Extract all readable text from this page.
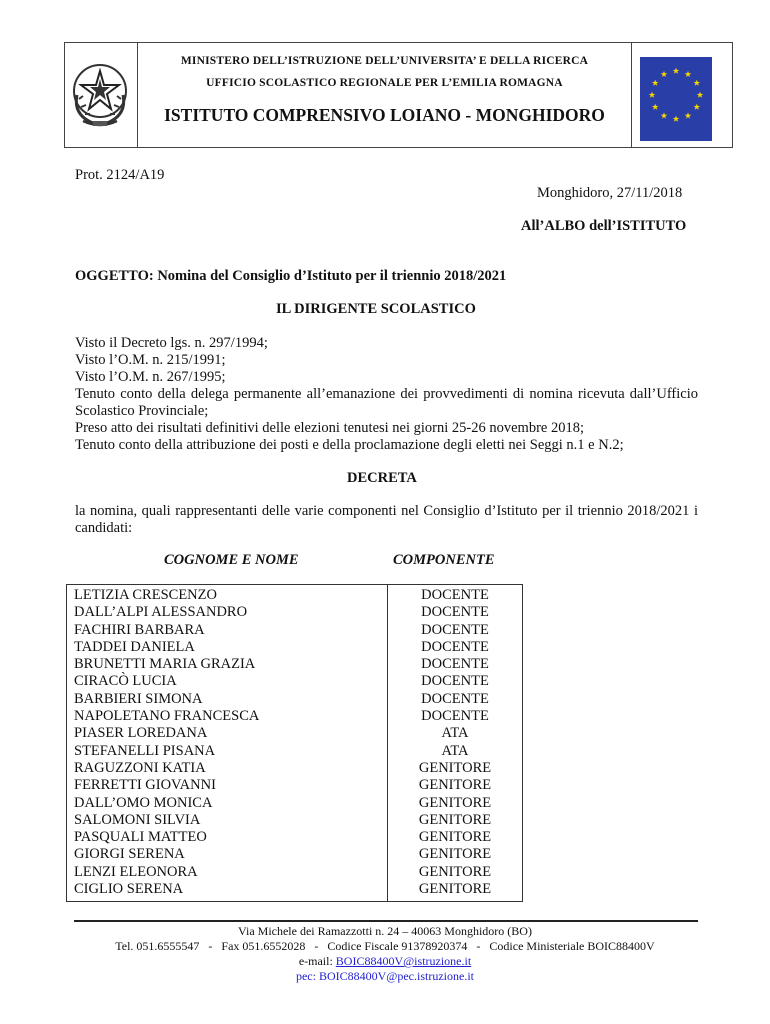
MINISTERO DELL’ISTRUZIONE DELL’UNIVERSITA’ E DELLA RICERCA
UFFICIO SCOLASTICO REGIONALE PER L’EMILIA ROMAGNA
ISTITUTO COMPRENSIVO LOIANO - MONGHIDORO
Prot. 2124/A19
Monghidoro, 27/11/2018
All’ALBO dell’ISTITUTO
OGGETTO: Nomina del Consiglio d’Istituto per il triennio 2018/2021
IL DIRIGENTE SCOLASTICO
Visto il Decreto lgs. n. 297/1994;
Visto l’O.M. n. 215/1991;
Visto l’O.M. n. 267/1995;
Tenuto conto della delega permanente all’emanazione dei provvedimenti di nomina ricevuta dall’Ufficio Scolastico Provinciale;
Preso atto dei risultati definitivi delle elezioni tenutesi nei giorni 25-26 novembre 2018;
Tenuto conto della attribuzione dei posti e della proclamazione degli eletti nei Seggi n.1 e N.2;
DECRETA
la nomina, quali rappresentanti delle varie componenti nel Consiglio d’Istituto per il triennio 2018/2021 i candidati:
COGNOME E NOME	COMPONENTE
LETIZIA CRESCENZO	DOCENTE
DALL’ALPI ALESSANDRO	DOCENTE
FACHIRI BARBARA	DOCENTE
TADDEI DANIELA	DOCENTE
BRUNETTI MARIA GRAZIA	DOCENTE
CIRACÒ LUCIA	DOCENTE
BARBIERI SIMONA	DOCENTE
NAPOLETANO FRANCESCA	DOCENTE
PIASER LOREDANA	ATA
STEFANELLI PISANA	ATA
RAGUZZONI KATIA	GENITORE
FERRETTI GIOVANNI	GENITORE
DALL’OMO MONICA	GENITORE
SALOMONI SILVIA	GENITORE
PASQUALI MATTEO	GENITORE
GIORGI SERENA	GENITORE
LENZI ELEONORA	GENITORE
CIGLIO SERENA	GENITORE
Via Michele dei Ramazzotti n. 24 – 40063 Monghidoro (BO)
Tel. 051.6555547   -   Fax 051.6552028   -   Codice Fiscale 91378920374   -   Codice Ministeriale BOIC88400V
e-mail: BOIC88400V@istruzione.it
pec: BOIC88400V@pec.istruzione.it
